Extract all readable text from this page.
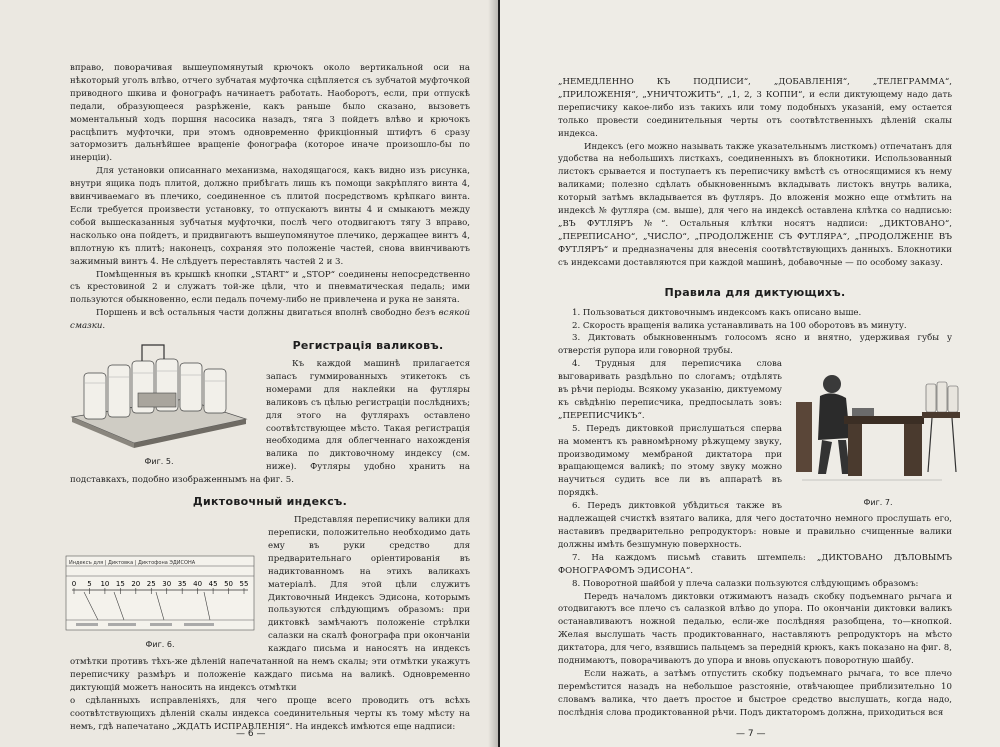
вправо, поворачивая вышеупомянутый крючокъ около вертикальной оси на нѣкоторый уголъ влѣво, отчего зубчатая муфточка сцѣпляется съ зубчатой муфточкой приводного шкива и фонографъ начинаетъ работать. Наоборотъ, если, при отпускѣ педали, образующееся разрѣженіе, какъ раньше было сказано, вызоветъ моментальный ходъ поршня насосика назадъ, тяга 3 пойдетъ влѣво и крючокъ расцѣпитъ муфточки, при этомъ одновременно фрикціонный штифтъ 6 сразу затормозитъ дальнѣйшее вращеніе фонографа (которое иначе произошло-бы по инерціи).

Для установки описаннаго механизма, находящагося, какъ видно изъ рисунка, внутри ящика подъ плитой, должно прибѣгать лишь къ помощи закрѣпляго винта 4, ввинчиваемаго въ плечико, соединенное съ плитой посредствомъ крѣпкаго винта. Если требуется произвести установку, то отпускаютъ винты 4 и смыкаютъ между собой вышесказанныя зубчатыя муфточки, послѣ чего отодвигаютъ тягу 3 вправо, насколько она пойдетъ, и придвигаютъ вышеупомянутое плечико, держащее винтъ 4, вплотную къ плитѣ; наконецъ, сохраняя это положеніе частей, снова ввинчиваютъ зажимный винтъ 4. Не слѣдуетъ переставлять частей 2 и 3.

Помѣщенныя въ крышкѣ кнопки „START“ и „STOP“ соединены непосредственно съ крестовиной 2 и служатъ той-же цѣли, что и пневматическая педаль; ими пользуются обыкновенно, если педаль почему-либо не привлечена и рука не занята.

Поршень и всѣ остальныя части должны двигаться вполнѣ свободно безъ всякой смазки.

Фиг. 5.
Регистрація валиковъ.

Къ каждой машинѣ прилагается запасъ гуммированныхъ этикетокъ съ номерами для наклейки на футляры валиковъ съ цѣлью регистраціи послѣднихъ; для этого на футлярахъ оставлено соотвѣтствующее мѣсто. Такая регистрація необходима для облегченнаго нахожденія валика по диктовочному индексу (см. ниже). Футляры удобно хранить на подставкахъ, подобно изображеннымъ на фиг. 5.

Диктовочный индексъ.
Индексъ для | Диктовка | Диктофона ЭДИСОНА
0 5 10 15 20 25 30 35 40 45 50 55
Фиг. 6.

Представляя переписчику валики для переписки, положительно необходимо дать ему въ руки средство для предварительнаго оріентированія въ надиктованномъ на этихъ валикахъ матеріалѣ. Для этой цѣли служитъ Диктовочный Индексъ Эдисона, которымъ пользуются слѣдующимъ образомъ: при диктовкѣ замѣчаютъ положеніе стрѣлки салазки на скалѣ фонографа при окончаніи каждаго письма и наносятъ на индексъ отмѣтки противъ тѣхъ-же дѣленій напечатанной на немъ скалы; эти отмѣтки укажутъ переписчику размѣръ и положеніе каждаго письма на валикѣ. Одновременно диктующій можетъ наносить на индексъ отмѣтки

о сдѣланныхъ исправленіяхъ, для чего проще всего проводить отъ всѣхъ соотвѣтствующихъ дѣленій скалы индекса соединительныя черты къ тому мѣсту на немъ, гдѣ напечатано „ЖДАТЬ ИСПРАВЛЕНІЯ“. На индексѣ имѣются еще надписи:

— 6 —

„НЕМЕДЛЕННО КЪ ПОДПИСИ“, „ДОБАВЛЕНІЯ“, „ТЕЛЕГРАММА“, „ПРИЛОЖЕНІЯ“, „УНИЧТОЖИТЬ“, „1, 2, 3 КОПІИ“, и если диктующему надо дать переписчику какое-либо изъ такихъ или тому подобныхъ указаній, ему остается только провести соединительныя черты отъ соотвѣтственныхъ дѣленій скалы индекса.

Индексъ (его можно называть также указательнымъ листкомъ) отпечатанъ для удобства на небольшихъ листкахъ, соединенныхъ въ блокнотики. Использованный листокъ срывается и поступаетъ къ переписчику вмѣстѣ съ относящимися къ нему валиками; полезно сдѣлать обыкновеннымъ вкладывать листокъ внутрь валика, который затѣмъ вкладывается въ футляръ. До вложенія можно еще отмѣтить на индексѣ № футляра (см. выше), для чего на индексѣ оставлена клѣтка со надписью: „ВЪ ФУТЛЯРЪ №“. Остальныя клѣтки носятъ надписи: „ДИКТОВАНО“, „ПЕРЕПИСАНО“, „ЧИСЛО“, „ПРОДОЛЖЕНІЕ СЪ ФУТЛЯРА“, „ПРОДОЛЖЕНІЕ ВЪ ФУТЛЯРЪ“ и предназначены для внесенія соотвѣтствующихъ данныхъ. Блокнотики съ индексами доставляются при каждой машинѣ, добавочные — по особому заказу.

Правила для диктующихъ.

1. Пользоваться диктовочнымъ индексомъ какъ описано выше.

2. Скорость вращенія валика устанавливать на 100 оборотовъ въ минуту.

3. Диктовать обыкновеннымъ голосомъ ясно и внятно, удерживая губы у отверстія рупора или говорной трубы.

Фиг. 7.

4. Трудныя для переписчика слова выговаривать раздѣльно по слогамъ; отдѣлять въ рѣчи періоды. Всякому указанію, диктуемому къ свѣдѣнію переписчика, предпосылать зовъ: „ПЕРЕПИСЧИКЪ“.

5. Передъ диктовкой прислушаться сперва на моментъ къ равномѣрному рѣжущему звуку, производимому мембраной диктатора при вращающемся валикѣ; по этому звуку можно научиться судить все ли въ аппаратѣ въ порядкѣ.

6. Передъ диктовкой убѣдиться также въ надлежащей счисткѣ взятаго валика, для чего достаточно немного прослушать его, наставивъ предварительно репродукторъ: новые и правильно счищенные валики должны имѣть безшумную поверхность.

7. На каждомъ письмѣ ставить штемпель: „ДИКТОВАНО ДѢЛОВЫМЪ ФОНОГРАФОМЪ ЭДИСОНА“.

8. Поворотной шайбой у плеча салазки пользуются слѣдующимъ образомъ:

Передъ началомъ диктовки отжимаютъ назадъ скобку подъемнаго рычага и отодвигаютъ все плечо съ салазкой влѣво до упора. По окончаніи диктовки валикъ останавливаютъ ножной педалью, если-же послѣдняя разобщена, то—кнопкой. Желая выслушать часть продиктованнаго, наставляютъ репродукторъ на мѣсто диктатора, для чего, взявшись пальцемъ за передній крюкъ, какъ показано на фиг. 8, поднимаютъ, поворачиваютъ до упора и вновь опускаютъ поворотную шайбу.

Если нажать, а затѣмъ отпустить скобку подъемнаго рычага, то все плечо перемѣстится назадъ на небольшое разстояніе, отвѣчающее приблизительно 10 словамъ валика, что даетъ простое и быстрое средство выслушать, когда надо, послѣднія слова продиктованной рѣчи. Подъ диктаторомъ должна, приходиться вся

— 7 —
